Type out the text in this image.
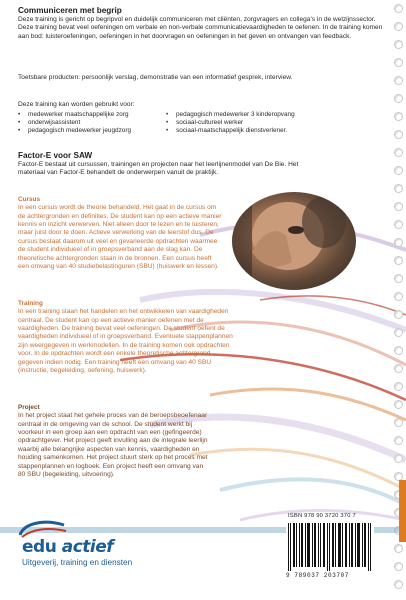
Communiceren met begrip

Deze training is gericht op begripvol en duidelijk communiceren met cliënten, zorgvragers en collega's in de welzijnssector. Deze training bevat veel oefeningen om verbale en non-verbale communicatievaardigheden te oefenen. In de training komen aan bod: luisteroefeningen, oefeningen in het doorvragen en oefeningen in het geven en ontvangen van feedback.

Toetsbare producten: persoonlijk verslag, demonstratie van een informatief gesprek, interview.

Deze training kan worden gebruikt voor:

• medewerker maatschappelijke zorg
• onderwijsassistent
• pedagogisch medewerker jeugdzorg
• pedagogisch medewerker 3 kinderopvang
• sociaal-cultureel werker
• sociaal-maatschappelijk dienstverlener.
Factor-E voor SAW

Factor-E bestaat uit cursussen, trainingen en projecten naar het leerlijnenmodel van De Bie. Het materiaal van Factor-E behandelt de onderwerpen vanuit de praktijk.

Cursus

In een cursus wordt de theorie behandeld. Het gaat in de cursus om de achtergronden en definities. De student kan op een actieve manier kennis en inzicht verwerven. Niet alleen door te lezen en te luisteren, maar juist door te doen. Actieve verwerking van de leerstof dus. De cursus bestaat daarom uit veel en gevarieerde opdrachten waarmee de student individueel of in groepsverband aan de slag kan. De theoretische achtergronden staan in de bronnen. Een cursus heeft een omvang van 40 studiebelastinguren (SBU) (huiswerk en lessen).

Training

In een training staan het handelen en het ontwikkelen van vaardigheden centraal. De student kan op een actieve manier oefenen met de vaardigheden. De training bevat veel oefeningen. De student oefent de vaardigheden individueel of in groepsverband. Eventuele stappenplannen zijn weergegeven in werkmodellen. In de training komen ook opdrachten voor. In de opdrachten wordt een enkele theoretische achtergrond gegeven indien nodig. Een training heeft een omvang van 40 SBU (instructie, begeleiding, oefening, huiswerk).

Project

In het project staat het gehele proces van de beroepsbeoefenaar centraal in de omgeving van de school. De student werkt bij voorkeur in een groep aan een opdracht van een (gefingeerde) opdrachtgever. Het project geeft invulling aan de integrale leerlijn waarbij alle belangrijke aspecten van kennis, vaardigheden en houding samenkomen. Het project stuurt sterk op het proces met stappenplannen en logboek. Een project heeft een omvang van 80 SBU (begeleiding, uitvoering).

edu actief
Uitgeverij, training en diensten
ISBN 978 90 3720 370 7
9 789037 203707
